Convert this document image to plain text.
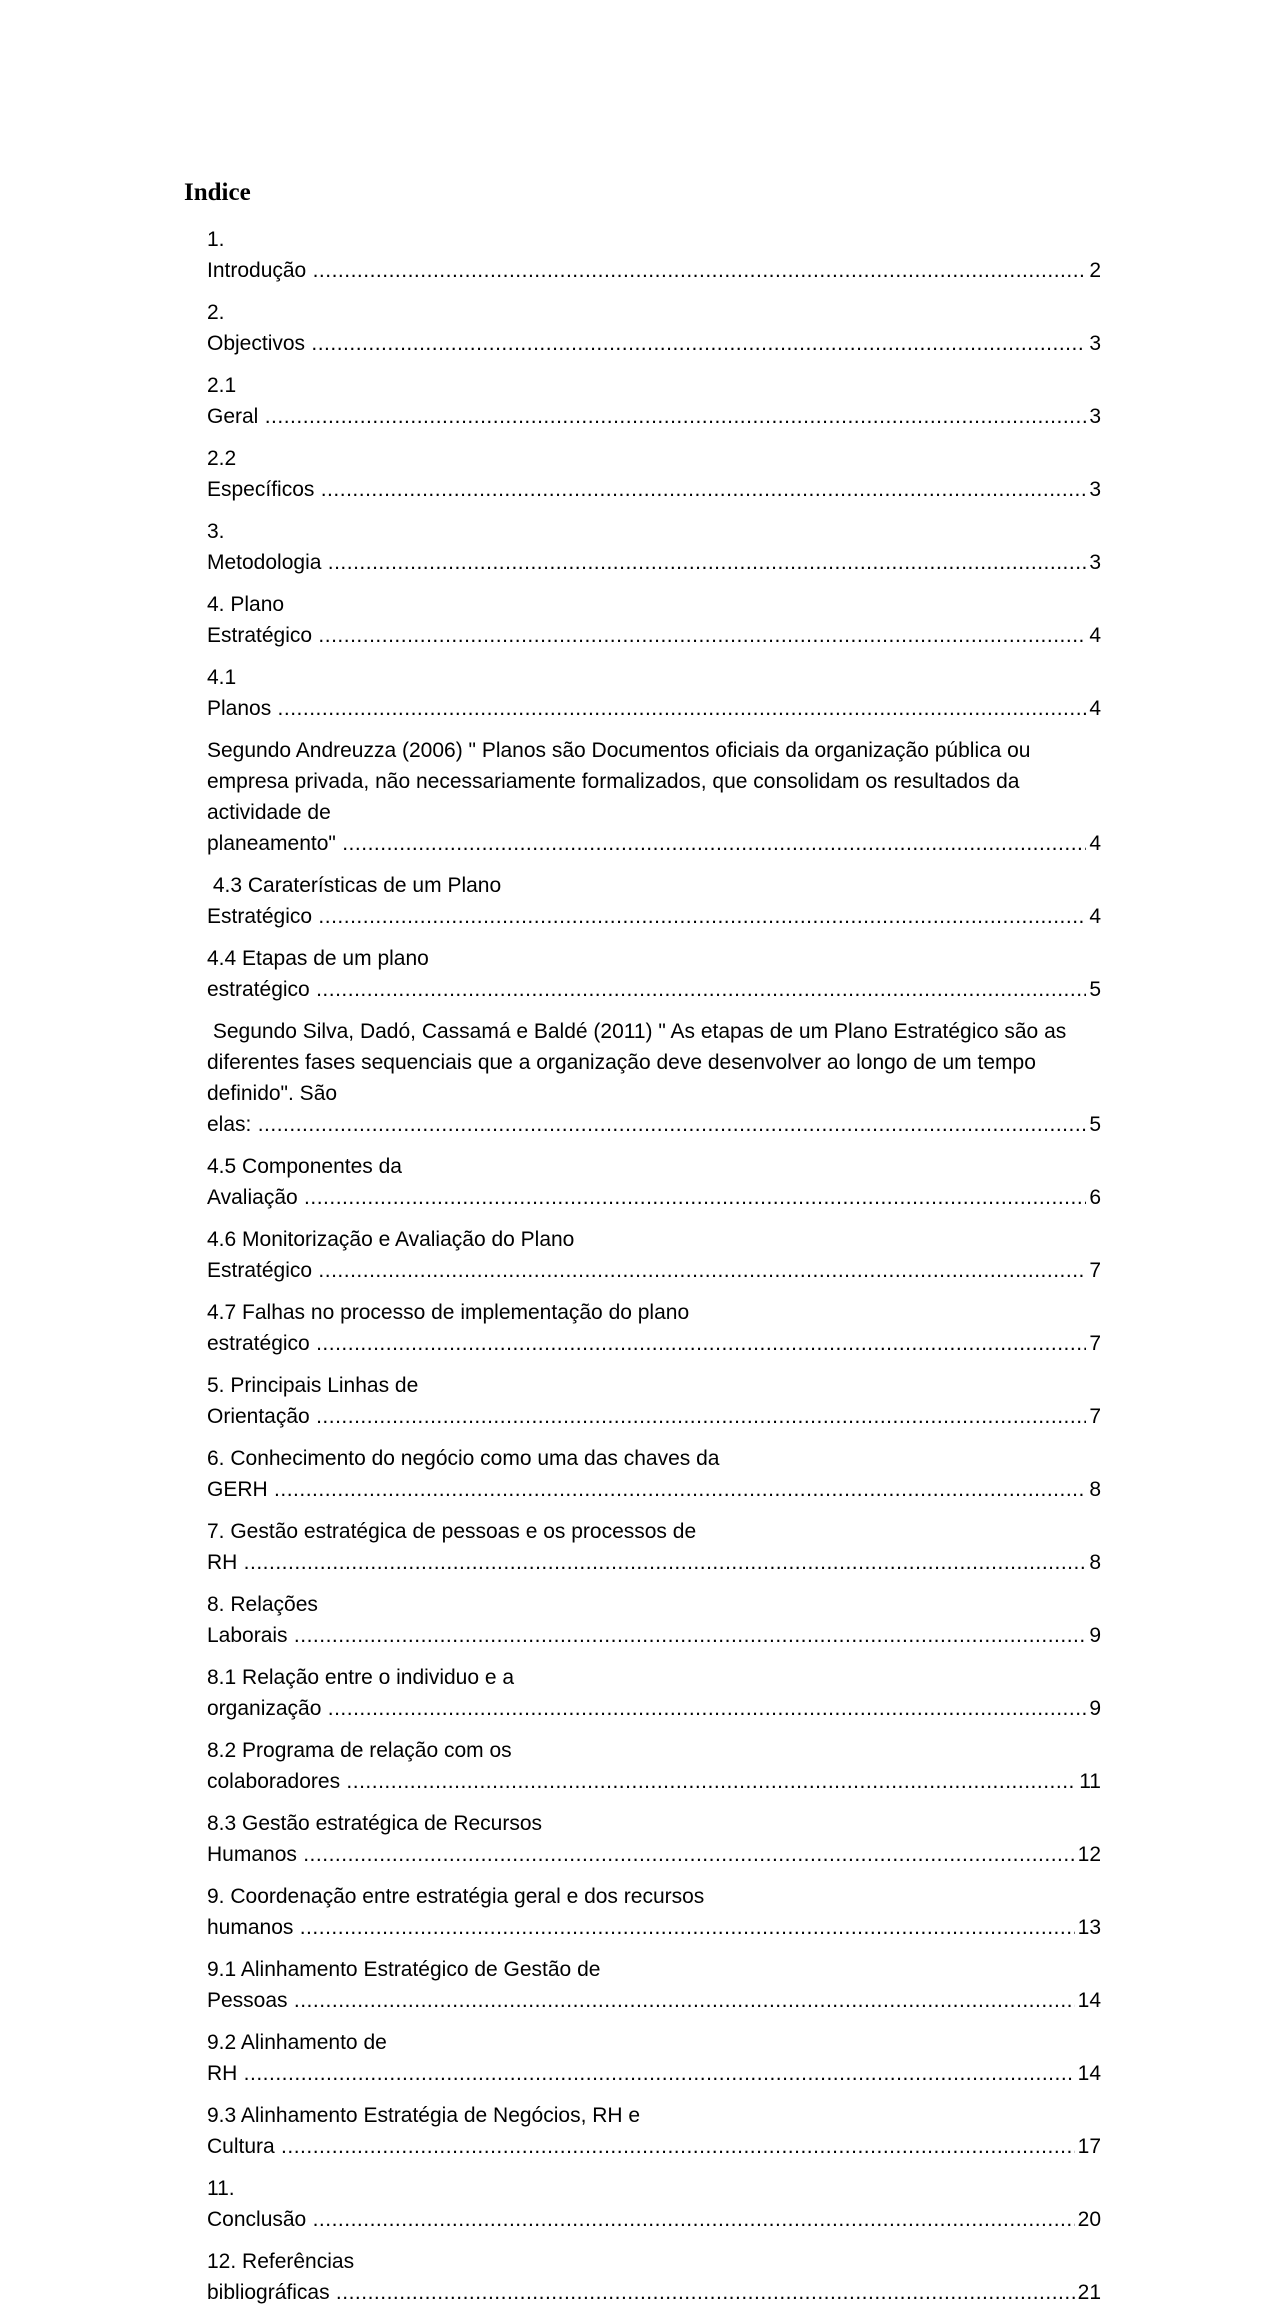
Indice
1. Introdução .....	2
2. Objectivos .....	3
2.1 Geral .....	3
2.2 Específicos .....	3
3. Metodologia .....	3
4. Plano Estratégico .....	4
4.1 Planos .....	4
Segundo Andreuzza (2006) " Planos são Documentos oficiais da organização pública ou empresa privada, não necessariamente formalizados, que consolidam os resultados da actividade de planeamento" .....	4
4.3 Caraterísticas de um Plano Estratégico .....	4
4.4 Etapas de um plano estratégico .....	5
Segundo Silva, Dadó, Cassamá e Baldé (2011) " As etapas de um Plano Estratégico são as diferentes fases sequenciais que a organização deve desenvolver ao longo de um tempo definido". São elas: .....	5
4.5 Componentes da Avaliação .....	6
4.6 Monitorização e Avaliação do Plano Estratégico .....	7
4.7 Falhas no processo de implementação do plano estratégico .....	7
5. Principais Linhas de Orientação .....	7
6. Conhecimento do negócio como uma das chaves da GERH .....	8
7. Gestão estratégica de pessoas e os processos de RH .....	8
8. Relações Laborais .....	9
8.1 Relação entre o individuo e a organização .....	9
8.2 Programa de relação com os colaboradores .....	11
8.3 Gestão estratégica de Recursos Humanos .....	12
9. Coordenação entre estratégia geral e dos recursos humanos .....	13
9.1 Alinhamento Estratégico de Gestão de Pessoas .....	14
9.2 Alinhamento de RH .....	14
9.3 Alinhamento Estratégia de Negócios, RH e Cultura .....	17
11. Conclusão .....	20
12. Referências bibliográficas .....	21
